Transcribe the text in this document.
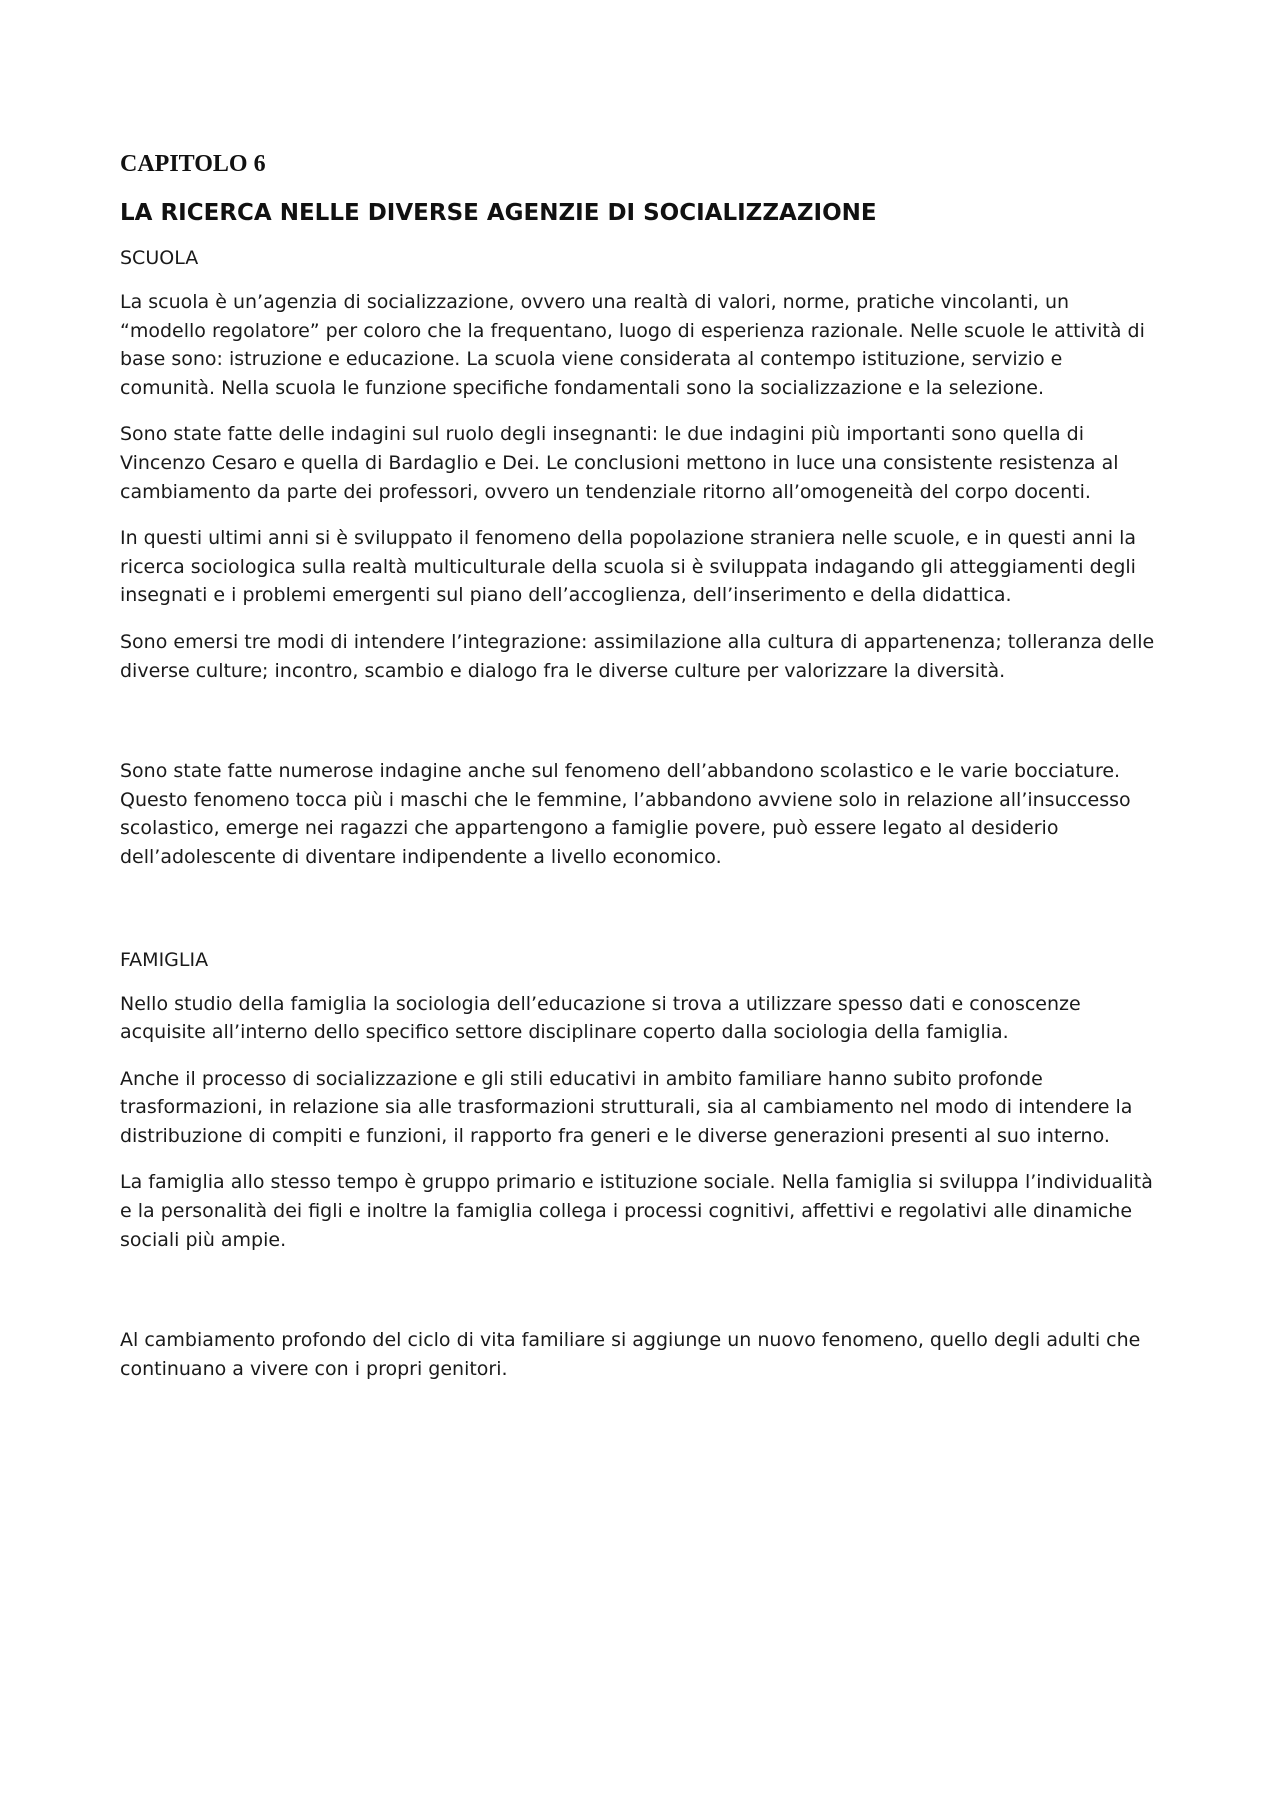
CAPITOLO 6
LA RICERCA NELLE DIVERSE AGENZIE DI SOCIALIZZAZIONE
SCUOLA

La scuola è un’agenzia di socializzazione, ovvero una realtà di valori, norme, pratiche vincolanti, un “modello regolatore” per coloro che la frequentano, luogo di esperienza razionale. Nelle scuole le attività di base sono: istruzione e educazione. La scuola viene considerata al contempo istituzione, servizio e comunità. Nella scuola le funzione specifiche fondamentali sono la socializzazione e la selezione.

Sono state fatte delle indagini sul ruolo degli insegnanti: le due indagini più importanti sono quella di Vincenzo Cesaro e quella di Bardaglio e Dei. Le conclusioni mettono in luce una consistente resistenza al cambiamento da parte dei professori, ovvero un tendenziale ritorno all’omogeneità del corpo docenti.

In questi ultimi anni si è sviluppato il fenomeno della popolazione straniera nelle scuole, e in questi anni la ricerca sociologica sulla realtà multiculturale della scuola si è sviluppata indagando gli atteggiamenti degli insegnati e i problemi emergenti sul piano dell’accoglienza, dell’inserimento e della didattica.

Sono emersi tre modi di intendere l’integrazione: assimilazione alla cultura di appartenenza; tolleranza delle diverse culture; incontro, scambio e dialogo fra le diverse culture per valorizzare la diversità.

Sono state fatte numerose indagine anche sul fenomeno dell’abbandono scolastico e le varie bocciature. Questo fenomeno tocca più i maschi che le femmine, l’abbandono avviene solo in relazione all’insuccesso scolastico, emerge nei ragazzi che appartengono a famiglie povere, può essere legato al desiderio dell’adolescente di diventare indipendente a livello economico.

FAMIGLIA

Nello studio della famiglia la sociologia dell’educazione si trova a utilizzare spesso dati e conoscenze acquisite all’interno dello specifico settore disciplinare coperto dalla sociologia della famiglia.

Anche il processo di socializzazione e gli stili educativi in ambito familiare hanno subito profonde trasformazioni, in relazione sia alle trasformazioni strutturali, sia al cambiamento nel modo di intendere la distribuzione di compiti e funzioni, il rapporto fra generi e le diverse generazioni presenti al suo interno.

La famiglia allo stesso tempo è gruppo primario e istituzione sociale. Nella famiglia si sviluppa l’individualità e la personalità dei figli e inoltre la famiglia collega i processi cognitivi, affettivi e regolativi alle dinamiche sociali più ampie.

Al cambiamento profondo del ciclo di vita familiare si aggiunge un nuovo fenomeno, quello degli adulti che continuano a vivere con i propri genitori.
